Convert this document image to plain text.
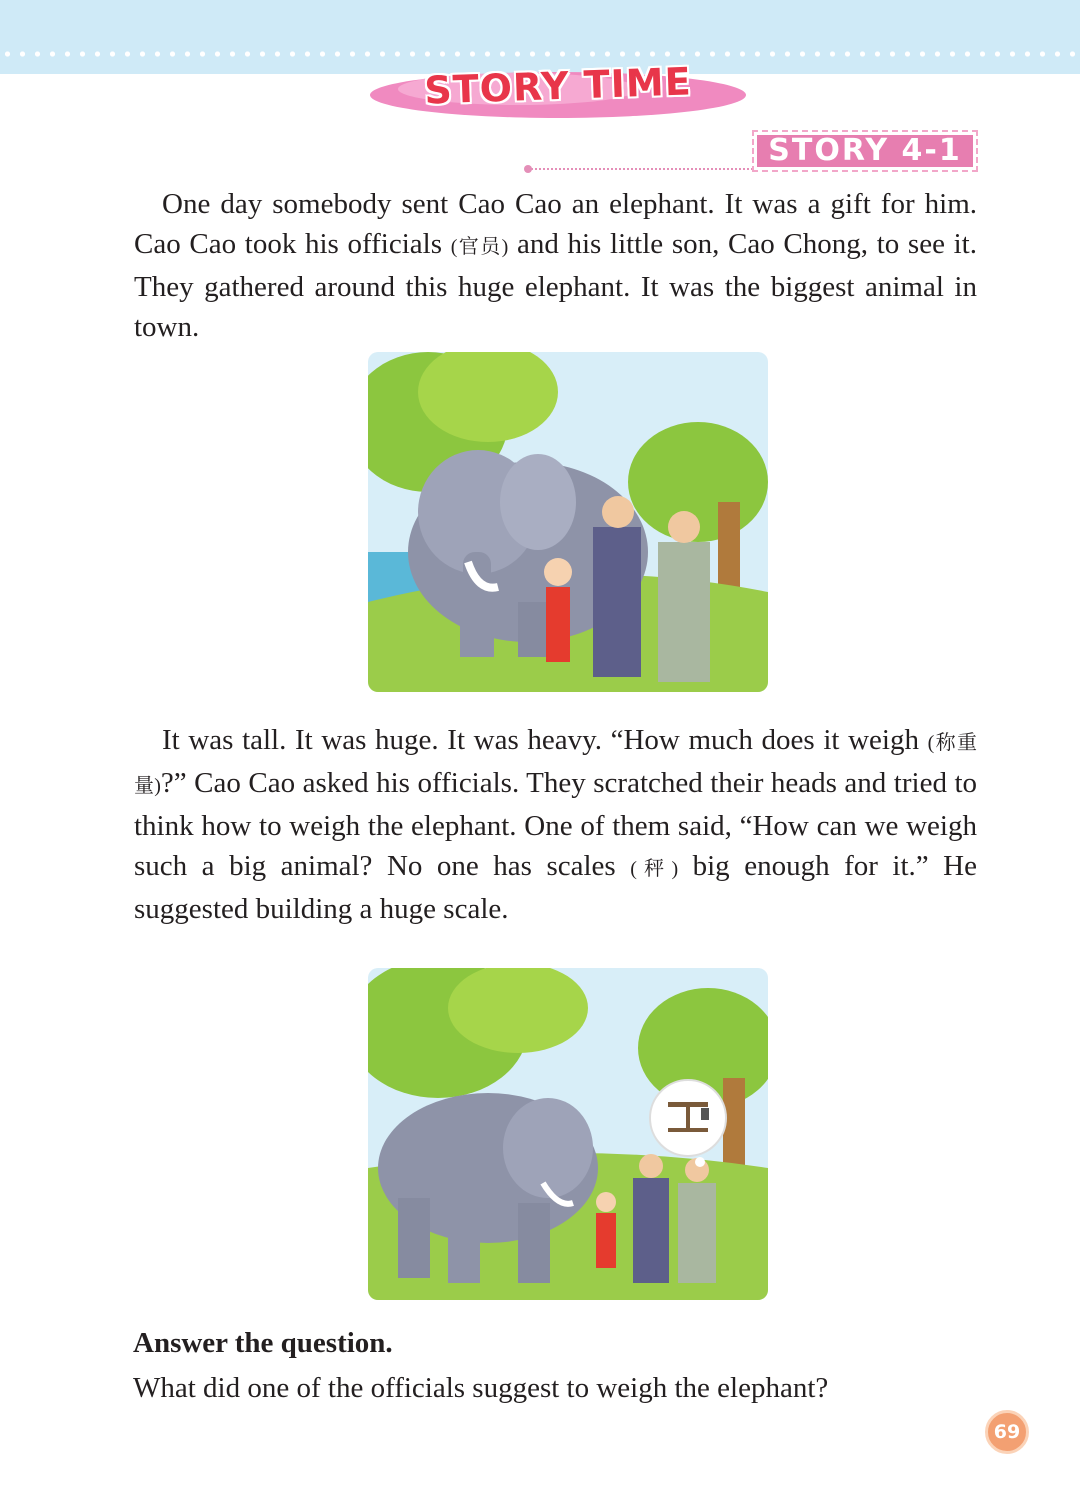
STORY TIME
STORY 4-1

One day somebody sent Cao Cao an elephant. It was a gift for him. Cao Cao took his officials (官员) and his little son, Cao Chong, to see it. They gathered around this huge elephant. It was the biggest animal in town.

It was tall. It was huge. It was heavy. “How much does it weigh (称重量)?” Cao Cao asked his officials. They scratched their heads and tried to think how to weigh the elephant. One of them said, “How can we weigh such a big animal? No one has scales (秤) big enough for it.” He suggested building a huge scale.

Answer the question.

What did one of the officials suggest to weigh the elephant?

69
